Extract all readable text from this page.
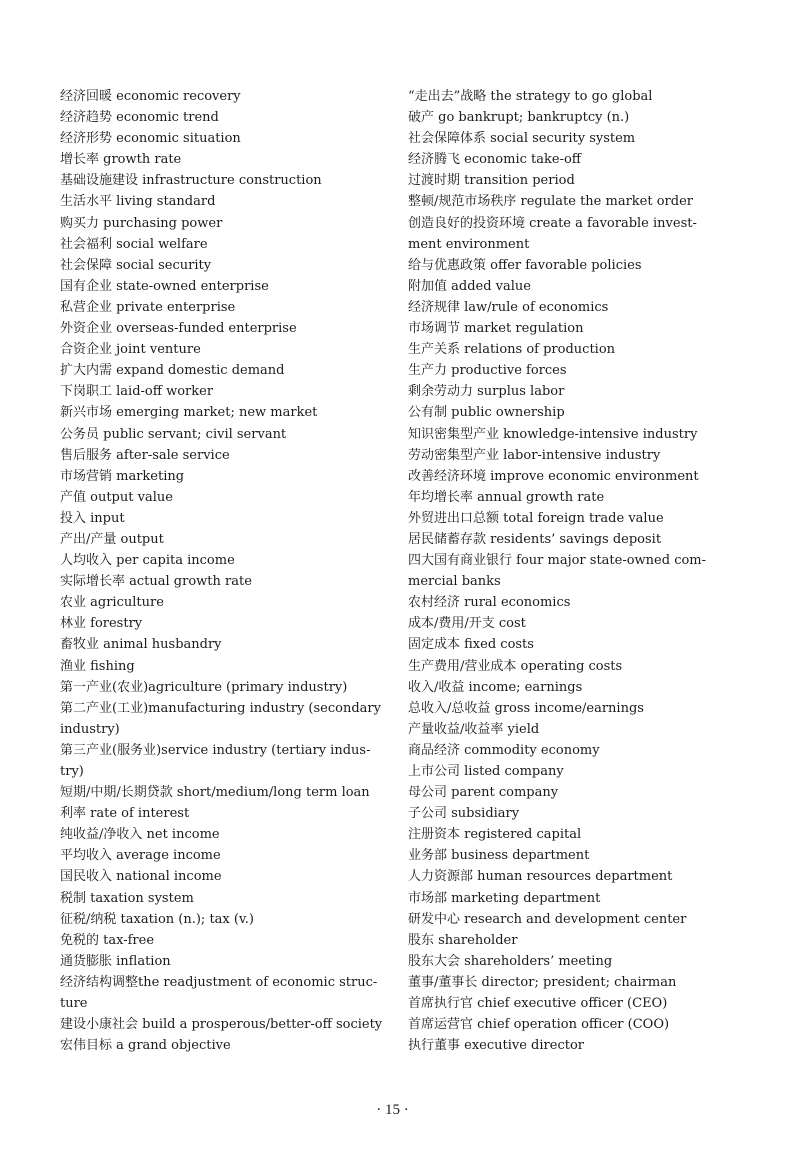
经济回暖 economic recovery
经济趋势 economic trend
经济形势 economic situation
增长率 growth rate
基础设施建设 infrastructure construction
生活水平 living standard
购买力 purchasing power
社会福利 social welfare
社会保障 social security
国有企业 state-owned enterprise
私营企业 private enterprise
外资企业 overseas-funded enterprise
合资企业 joint venture
扩大内需 expand domestic demand
下岗职工 laid-off worker
新兴市场 emerging market; new market
公务员 public servant; civil servant
售后服务 after-sale service
市场营销 marketing
产值 output value
投入 input
产出/产量 output
人均收入 per capita income
实际增长率 actual growth rate
农业 agriculture
林业 forestry
畜牧业 animal husbandry
渔业 fishing
第一产业(农业)agriculture (primary industry)
第二产业(工业)manufacturing industry (secondary
industry)
第三产业(服务业)service industry (tertiary indus-
try)
短期/中期/长期贷款 short/medium/long term loan
利率 rate of interest
纯收益/净收入 net income
平均收入 average income
国民收入 national income
税制 taxation system
征税/纳税 taxation (n.); tax (v.)
免税的 tax-free
通货膨胀 inflation
经济结构调整the readjustment of economic struc-
ture
建设小康社会 build a prosperous/better-off society
宏伟目标 a grand objective
“走出去”战略 the strategy to go global
破产 go bankrupt; bankruptcy (n.)
社会保障体系 social security system
经济腾飞 economic take-off
过渡时期 transition period
整顿/规范市场秩序 regulate the market order
创造良好的投资环境 create a favorable invest-
ment environment
给与优惠政策 offer favorable policies
附加值 added value
经济规律 law/rule of economics
市场调节 market regulation
生产关系 relations of production
生产力 productive forces
剩余劳动力 surplus labor
公有制 public ownership
知识密集型产业 knowledge-intensive industry
劳动密集型产业 labor-intensive industry
改善经济环境 improve economic environment
年均增长率 annual growth rate
外贸进出口总额 total foreign trade value
居民储蓄存款 residents’ savings deposit
四大国有商业银行 four major state-owned com-
mercial banks
农村经济 rural economics
成本/费用/开支 cost
固定成本 fixed costs
生产费用/营业成本 operating costs
收入/收益 income; earnings
总收入/总收益 gross income/earnings
产量收益/收益率 yield
商品经济 commodity economy
上市公司 listed company
母公司 parent company
子公司 subsidiary
注册资本 registered capital
业务部 business department
人力资源部 human resources department
市场部 marketing department
研发中心 research and development center
股东 shareholder
股东大会 shareholders’ meeting
董事/董事长 director; president; chairman
首席执行官 chief executive officer (CEO)
首席运营官 chief operation officer (COO)
执行董事 executive director
· 15 ·
